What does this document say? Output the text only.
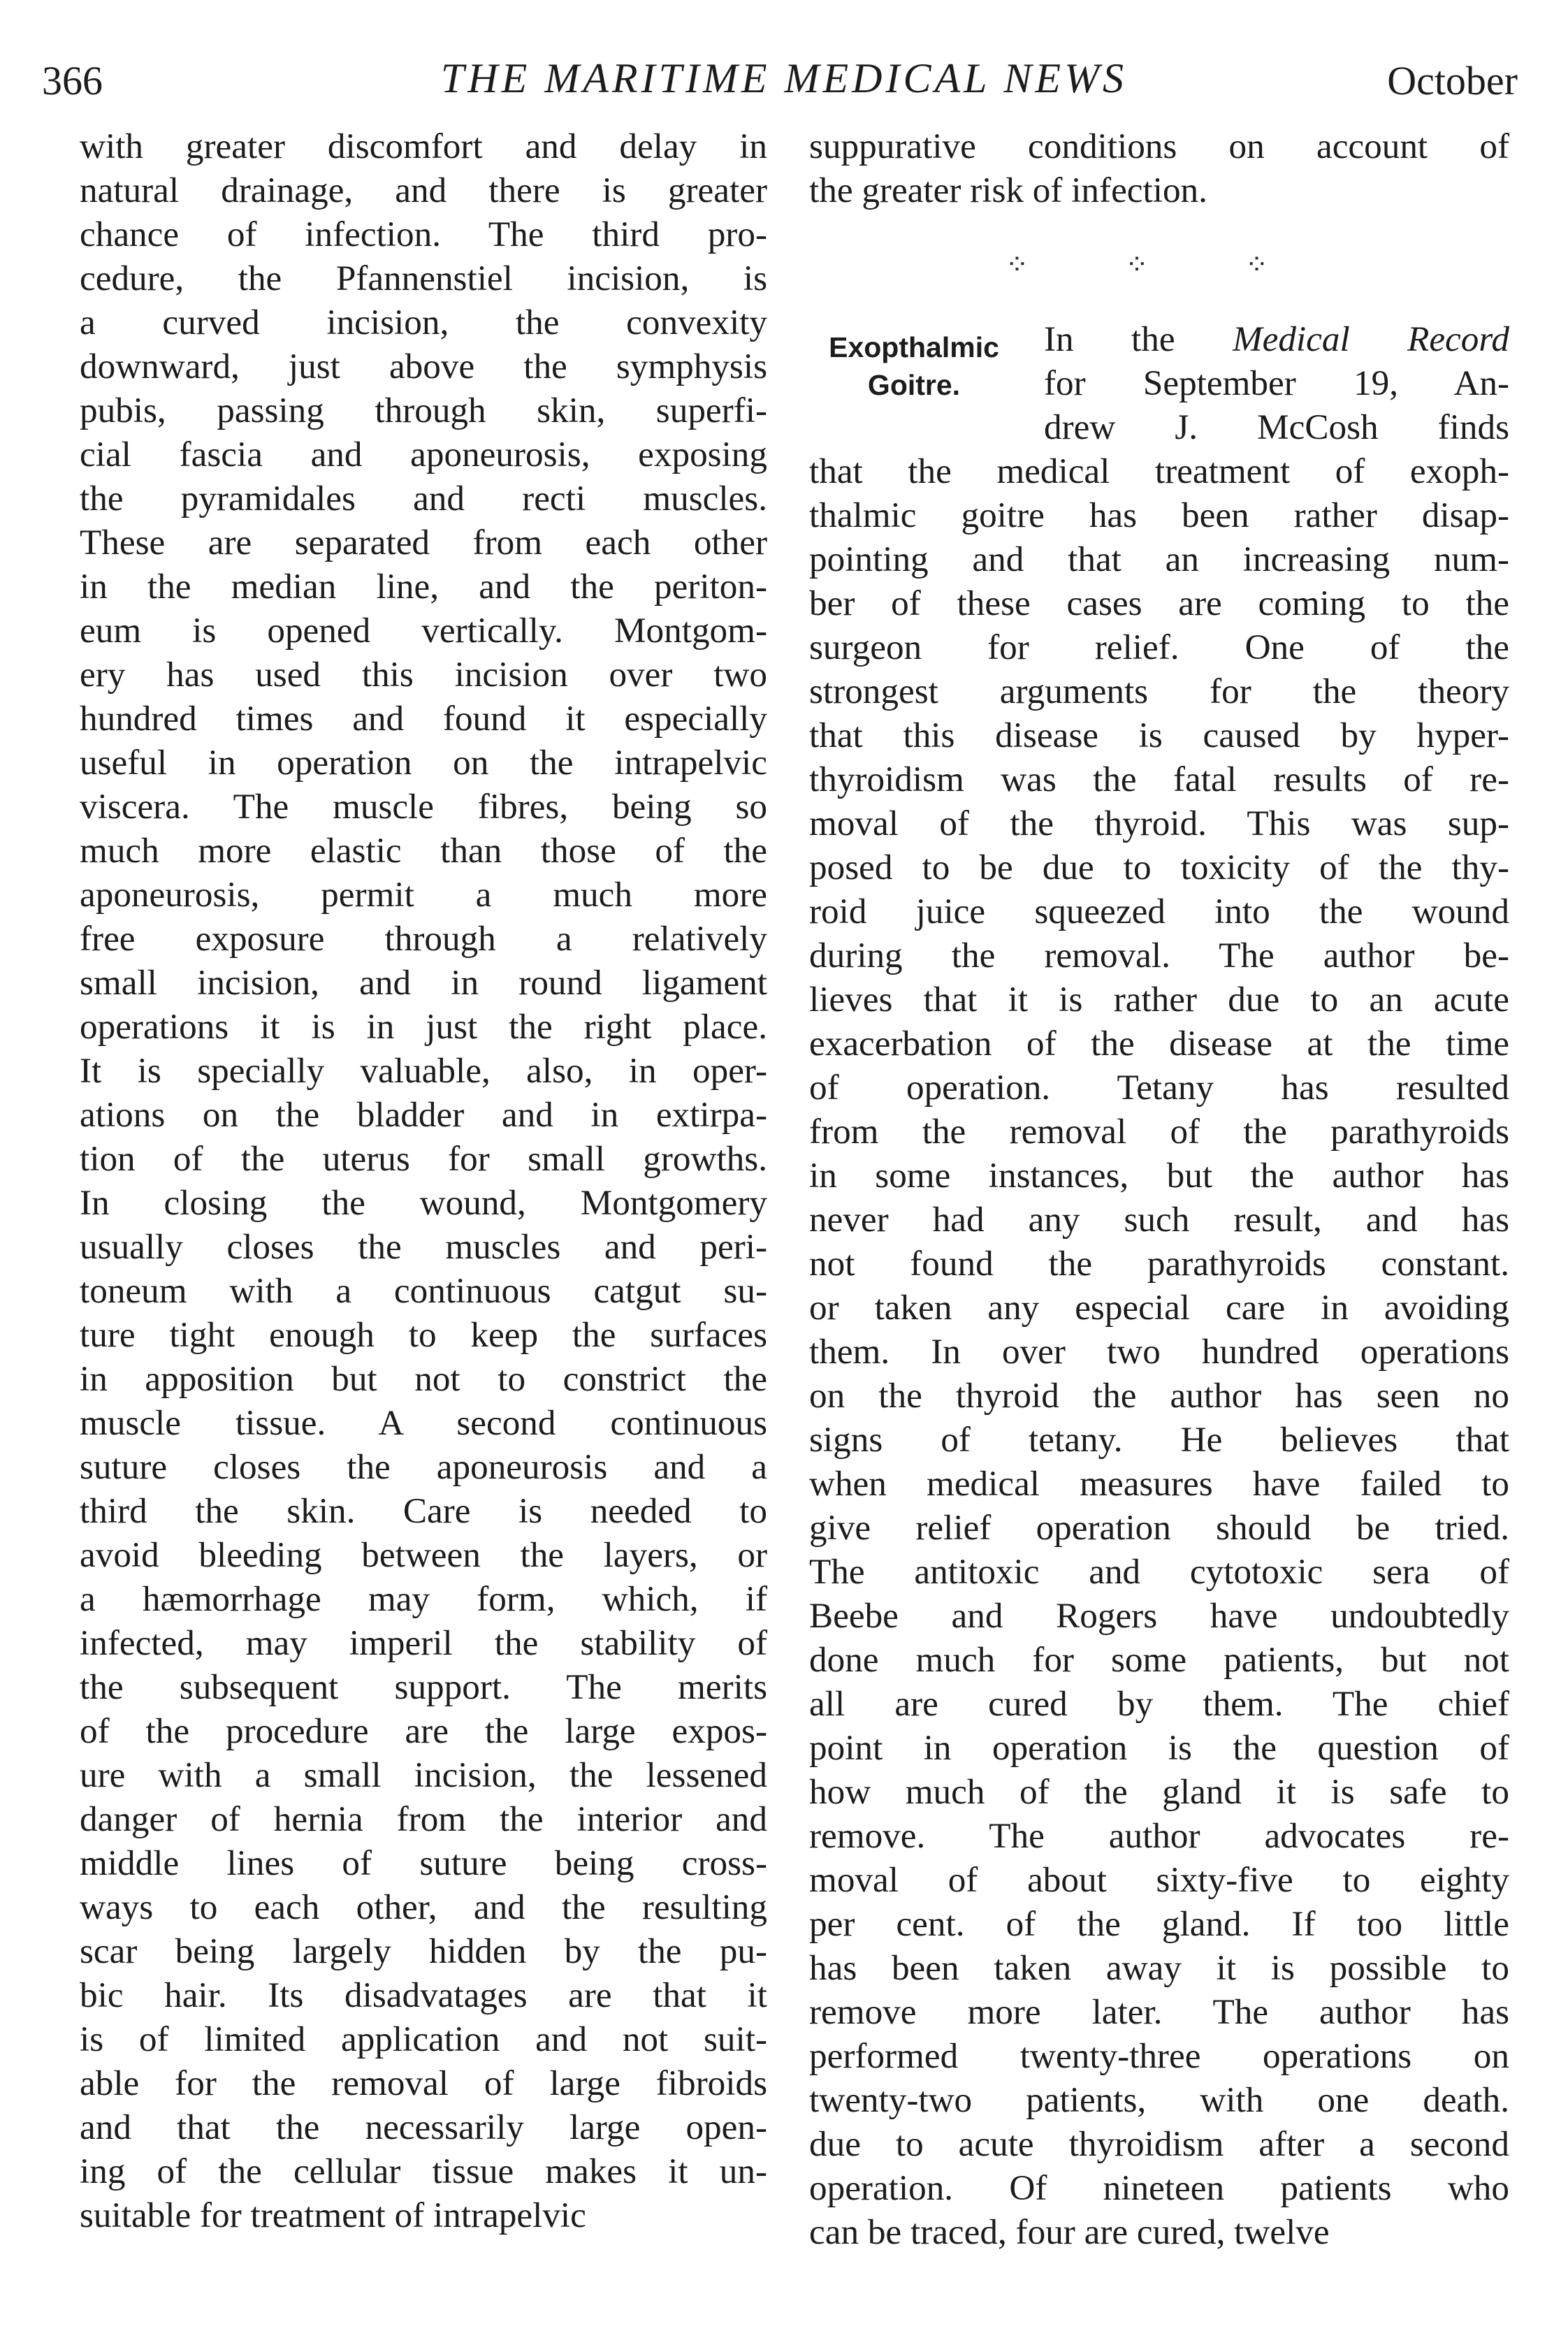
366	THE MARITIME MEDICAL NEWS	October
with greater discomfort and delay in
natural drainage, and there is greater
chance of infection. The third pro-
cedure, the Pfannenstiel incision, is
a curved incision, the convexity
downward, just above the symphysis
pubis, passing through skin, superfi-
cial fascia and aponeurosis, exposing
the pyramidales and recti muscles.
These are separated from each other
in the median line, and the periton-
eum is opened vertically. Montgom-
ery has used this incision over two
hundred times and found it especially
useful in operation on the intrapelvic
viscera. The muscle fibres, being so
much more elastic than those of the
aponeurosis, permit a much more
free exposure through a relatively
small incision, and in round ligament
operations it is in just the right place.
It is specially valuable, also, in oper-
ations on the bladder and in extirpa-
tion of the uterus for small growths.
In closing the wound, Montgomery
usually closes the muscles and peri-
toneum with a continuous catgut su-
ture tight enough to keep the surfaces
in apposition but not to constrict the
muscle tissue. A second continuous
suture closes the aponeurosis and a
third the skin. Care is needed to
avoid bleeding between the layers, or
a hæmorrhage may form, which, if
infected, may imperil the stability of
the subsequent support. The merits
of the procedure are the large expos-
ure with a small incision, the lessened
danger of hernia from the interior and
middle lines of suture being cross-
ways to each other, and the resulting
scar being largely hidden by the pu-
bic hair. Its disadvatages are that it
is of limited application and not suit-
able for the removal of large fibroids
and that the necessarily large open-
ing of the cellular tissue makes it un-
suitable for treatment of intrapelvic
suppurative conditions on account of
the greater risk of infection.
⁘ ⁘ ⁘
Exopthalmic
Goitre.
In the Medical Record
for September 19, An-
drew J. McCosh finds
that the medical treatment of exoph-
thalmic goitre has been rather disap-
pointing and that an increasing num-
ber of these cases are coming to the
surgeon for relief. One of the
strongest arguments for the theory
that this disease is caused by hyper-
thyroidism was the fatal results of re-
moval of the thyroid. This was sup-
posed to be due to toxicity of the thy-
roid juice squeezed into the wound
during the removal. The author be-
lieves that it is rather due to an acute
exacerbation of the disease at the time
of operation. Tetany has resulted
from the removal of the parathyroids
in some instances, but the author has
never had any such result, and has
not found the parathyroids constant.
or taken any especial care in avoiding
them. In over two hundred operations
on the thyroid the author has seen no
signs of tetany. He believes that
when medical measures have failed to
give relief operation should be tried.
The antitoxic and cytotoxic sera of
Beebe and Rogers have undoubtedly
done much for some patients, but not
all are cured by them. The chief
point in operation is the question of
how much of the gland it is safe to
remove. The author advocates re-
moval of about sixty-five to eighty
per cent. of the gland. If too little
has been taken away it is possible to
remove more later. The author has
performed twenty-three operations on
twenty-two patients, with one death.
due to acute thyroidism after a second
operation. Of nineteen patients who
can be traced, four are cured, twelve
